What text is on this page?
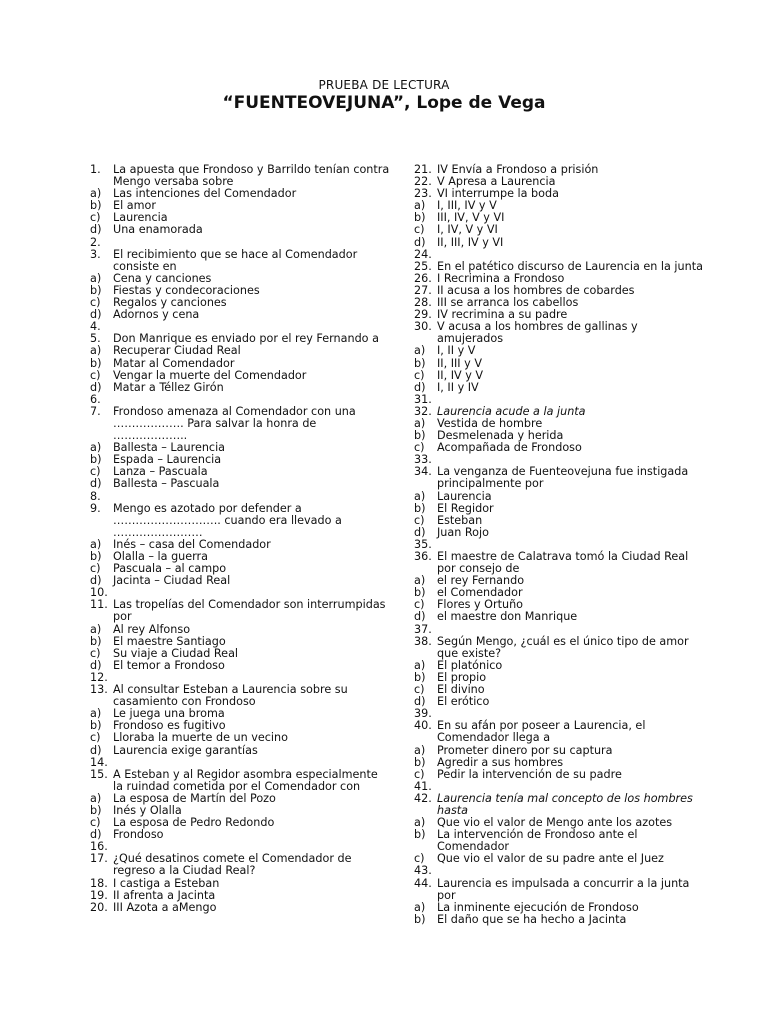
PRUEBA DE LECTURA
“FUENTEOVEJUNA”, Lope de Vega
1.	La apuesta que Frondoso y Barrildo tenían contra Mengo versaba sobre
a)	Las intenciones del Comendador
b)	El amor
c)	Laurencia
d)	Una enamorada
2.
3.	El recibimiento que se hace al Comendador consiste en
a)	Cena y canciones
b)	Fiestas y condecoraciones
c)	Regalos y canciones
d)	Adornos y cena
4.
5.	Don Manrique es enviado por el rey Fernando a
a)	Recuperar Ciudad Real
b)	Matar al Comendador
c)	Vengar la muerte del Comendador
d)	Matar a Téllez Girón
6.
7.	Frondoso amenaza al Comendador con una ………………. Para salvar la honra de ………………..
a)	Ballesta – Laurencia
b)	Espada – Laurencia
c)	Lanza – Pascuala
d)	Ballesta – Pascuala
8.
9.	Mengo es azotado por defender a ……………………….. cuando era llevado a ……………………
a)	Inés – casa del Comendador
b)	Olalla – la guerra
c)	Pascuala – al campo
d)	Jacinta – Ciudad Real
10.
11. Las tropelías del Comendador son interrumpidas por
a)	Al rey Alfonso
b)	El maestre Santiago
c)	Su viaje a Ciudad Real
d)	El temor a Frondoso
12.
13. Al consultar Esteban a Laurencia sobre su casamiento con Frondoso
a)	Le juega una broma
b)	Frondoso es fugitivo
c)	Lloraba la muerte de un vecino
d)	Laurencia exige garantías
14.
15. A Esteban y al Regidor asombra especialmente la ruindad cometida por el Comendador con
a)	La esposa de Martín del Pozo
b)	Inés y Olalla
c)	La esposa de Pedro Redondo
d)	Frondoso
16.
17. ¿Qué desatinos comete el Comendador de regreso a la Ciudad Real?
18. I castiga a Esteban
19. II afrenta a Jacinta
20. III Azota a aMengo
21. IV Envía a Frondoso a prisión
22. V Apresa a Laurencia
23. VI interrumpe la boda
a)	I, III, IV y V
b)	III, IV, V y VI
c)	I, IV, V y VI
d)	II, III, IV y VI
24.
25. En el patético discurso de Laurencia en la junta
26. I Recrimina a Frondoso
27. II acusa a los hombres de cobardes
28. III se arranca los cabellos
29. IV recrimina a su padre
30. V acusa a los hombres de gallinas y amujerados
a)	I, II y V
b)	II, III y V
c)	II, IV y V
d)	I, II y IV
31.
32. Laurencia acude a la junta
a)	Vestida de hombre
b)	Desmelenada y herida
c)	Acompañada de Frondoso
33.
34. La venganza de Fuenteovejuna fue instigada principalmente por
a)	Laurencia
b)	El Regidor
c)	Esteban
d)	Juan Rojo
35.
36. El maestre de Calatrava tomó la Ciudad Real por consejo de
a)	el rey Fernando
b)	el Comendador
c)	Flores y Ortuño
d)	el maestre don Manrique
37.
38. Según Mengo, ¿cuál es el único tipo de amor que existe?
a)	El platónico
b)	El propio
c)	El divino
d)	El erótico
39.
40. En su afán por poseer a Laurencia, el Comendador llega a
a)	Prometer dinero por su captura
b)	Agredir a sus hombres
c)	Pedir la intervención de su padre
41.
42. Laurencia tenía mal concepto de los hombres hasta
a)	Que vio el valor de Mengo ante los azotes
b)	La intervención de Frondoso ante el Comendador
c)	Que vio el valor de su padre ante el Juez
43.
44. Laurencia es impulsada a concurrir a la junta por
a)	La inminente ejecución de Frondoso
b)	El daño que se ha hecho a Jacinta
